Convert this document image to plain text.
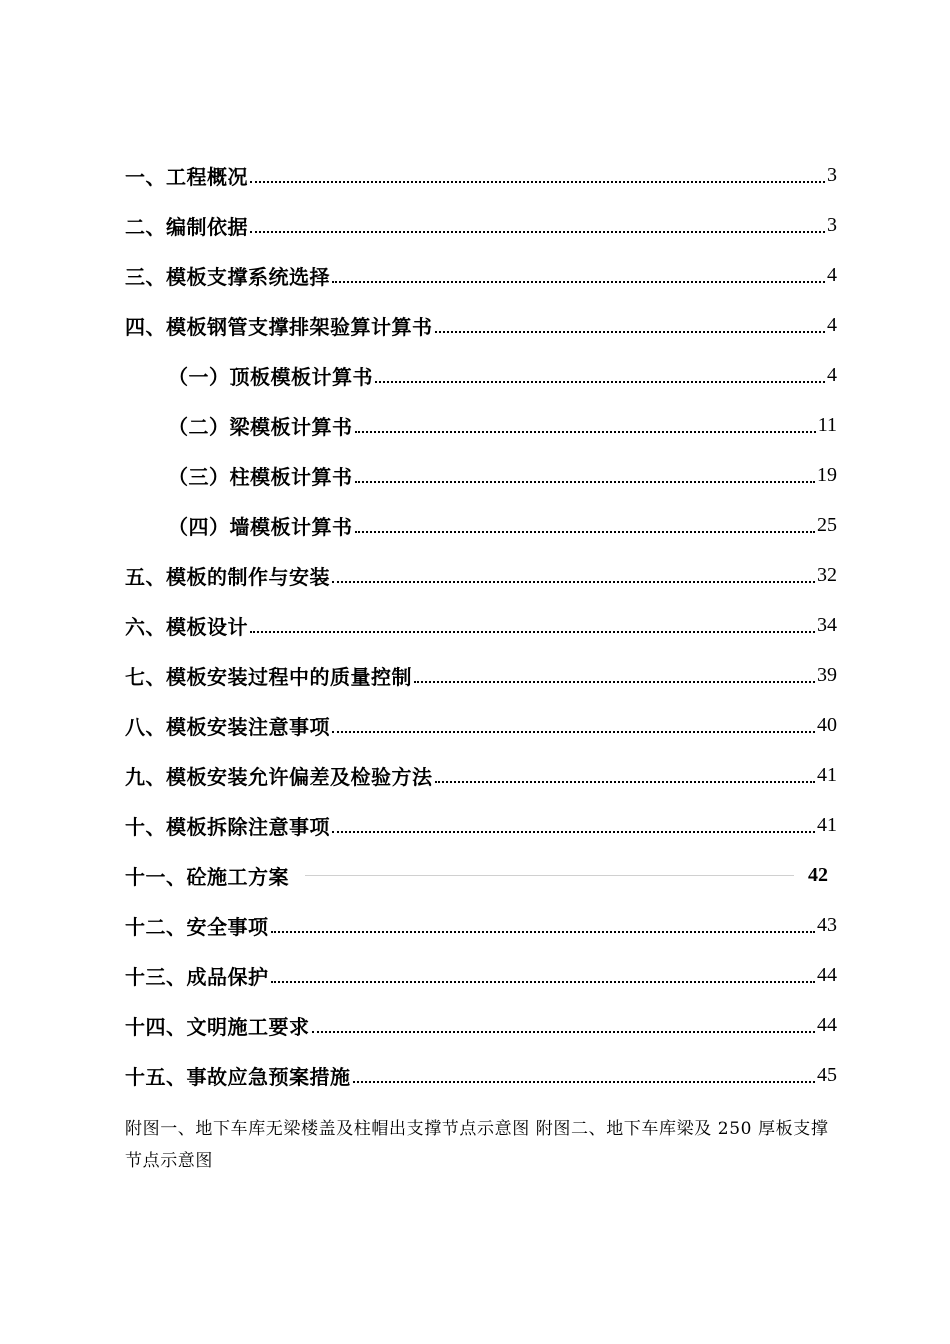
一、工程概况	3
二、编制依据	3
三、模板支撑系统选择	4
四、模板钢管支撑排架验算计算书	4
（一）顶板模板计算书	4
（二）梁模板计算书	11
（三）柱模板计算书	19
（四）墙模板计算书	25
五、模板的制作与安装	32
六、模板设计	34
七、模板安装过程中的质量控制	39
八、模板安装注意事项	40
九、模板安装允许偏差及检验方法	41
十、模板拆除注意事项	41
十一、砼施工方案	42
十二、安全事项	43
十三、成品保护	44
十四、文明施工要求	44
十五、事故应急预案措施	45

附图一、地下车库无梁楼盖及柱帽出支撑节点示意图 附图二、地下车库梁及 250 厚板支撑节点示意图
